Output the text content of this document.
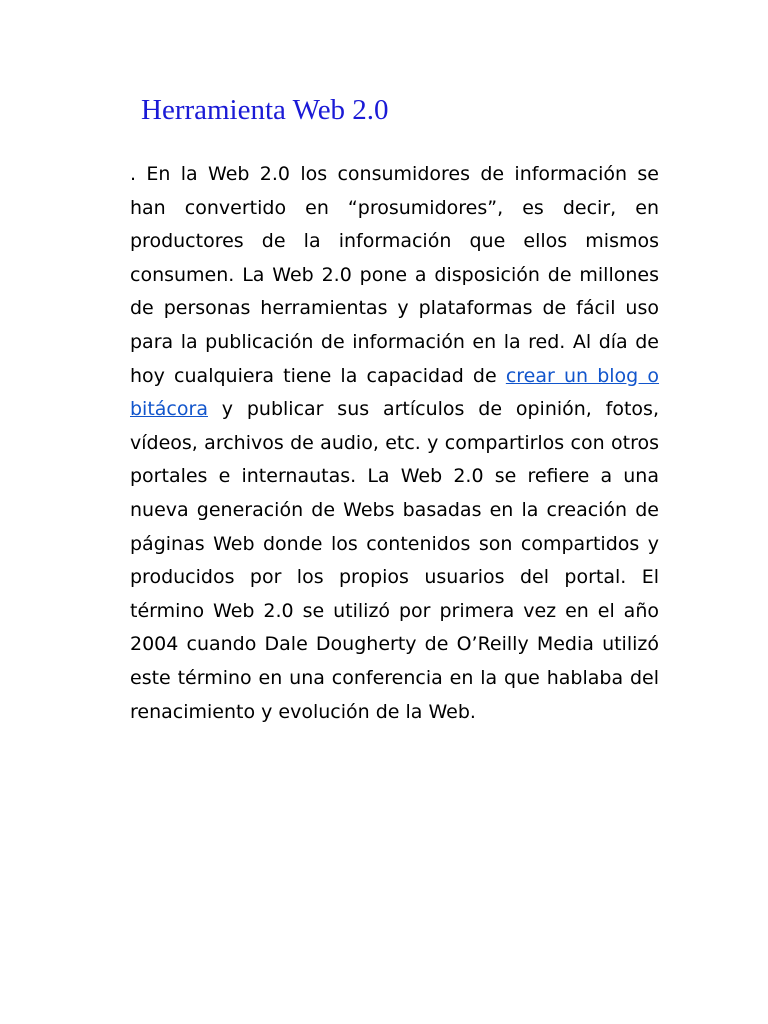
Herramienta Web 2.0

. En la Web 2.0 los consumidores de información se han convertido en “prosumidores”, es decir, en productores de la información que ellos mismos consumen. La Web 2.0 pone a disposición de millones de personas herramientas y plataformas de fácil uso para la publicación de información en la red. Al día de hoy cualquiera tiene la capacidad de crear un blog o bitácora y publicar sus artículos de opinión, fotos, vídeos, archivos de audio, etc. y compartirlos con otros portales e internautas. La Web 2.0 se refiere a una nueva generación de Webs basadas en la creación de páginas Web donde los contenidos son compartidos y producidos por los propios usuarios del portal. El término Web 2.0 se utilizó por primera vez en el año 2004 cuando Dale Dougherty de O’Reilly Media utilizó este término en una conferencia en la que hablaba del renacimiento y evolución de la Web.
